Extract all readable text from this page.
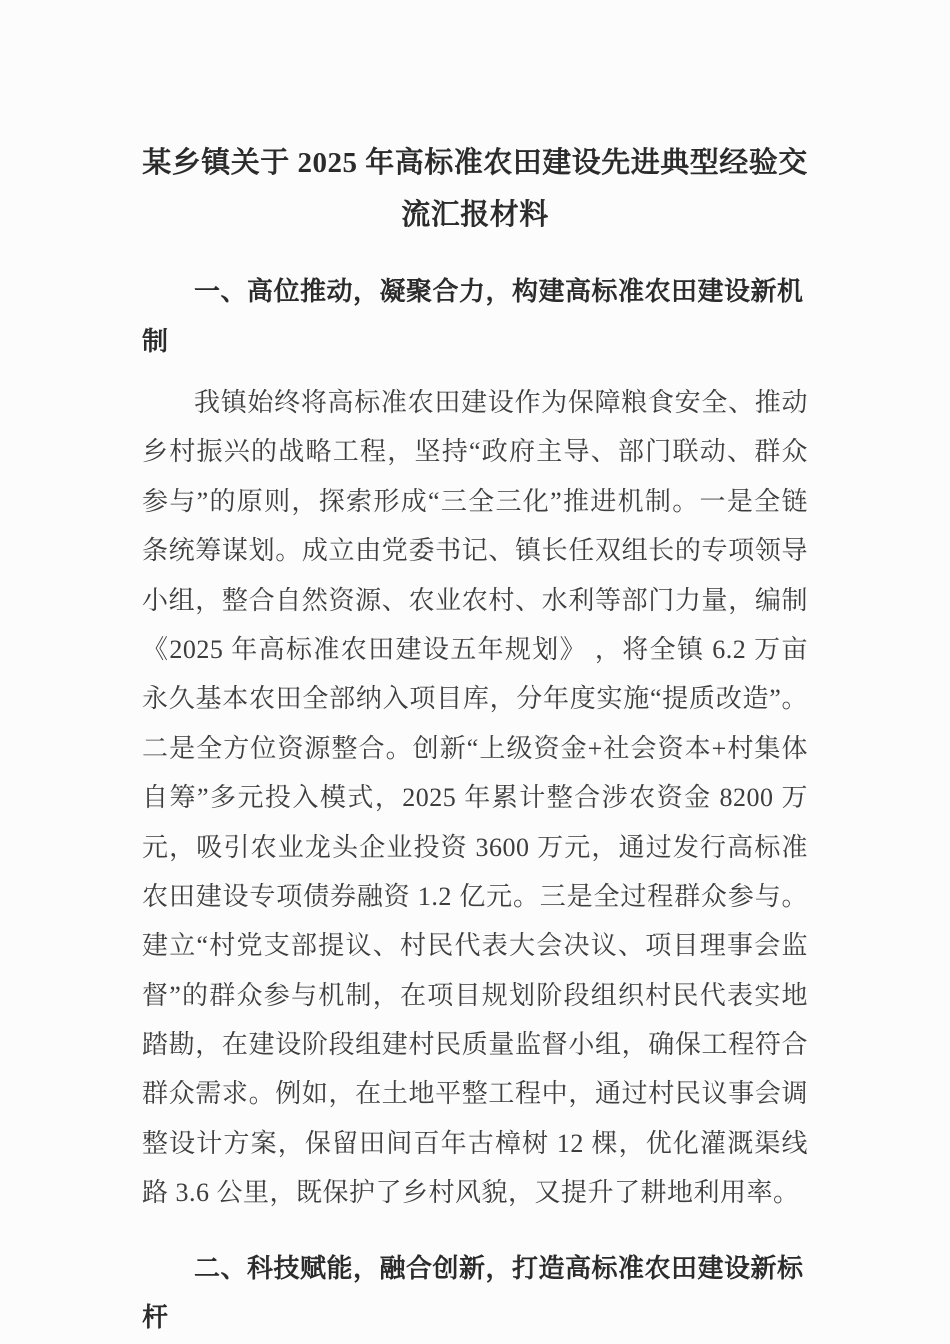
某乡镇关于 2025 年高标准农田建设先进典型经验交流汇报材料
一、高位推动，凝聚合力，构建高标准农田建设新机制

我镇始终将高标准农田建设作为保障粮食安全、推动乡村振兴的战略工程，坚持“政府主导、部门联动、群众参与”的原则，探索形成“三全三化”推进机制。一是全链条统筹谋划。成立由党委书记、镇长任双组长的专项领导小组，整合自然资源、农业农村、水利等部门力量，编制《2025 年高标准农田建设五年规划》 ，将全镇 6.2 万亩永久基本农田全部纳入项目库，分年度实施“提质改造”。二是全方位资源整合。创新“上级资金+社会资本+村集体自筹”多元投入模式，2025 年累计整合涉农资金 8200 万元，吸引农业龙头企业投资 3600 万元，通过发行高标准农田建设专项债券融资 1.2 亿元。三是全过程群众参与。建立“村党支部提议、村民代表大会决议、项目理事会监督”的群众参与机制，在项目规划阶段组织村民代表实地踏勘，在建设阶段组建村民质量监督小组，确保工程符合群众需求。例如，在土地平整工程中，通过村民议事会调整设计方案，保留田间百年古樟树 12 棵，优化灌溉渠线路 3.6 公里，既保护了乡村风貌，又提升了耕地利用率。

二、科技赋能，融合创新，打造高标准农田建设新标杆
